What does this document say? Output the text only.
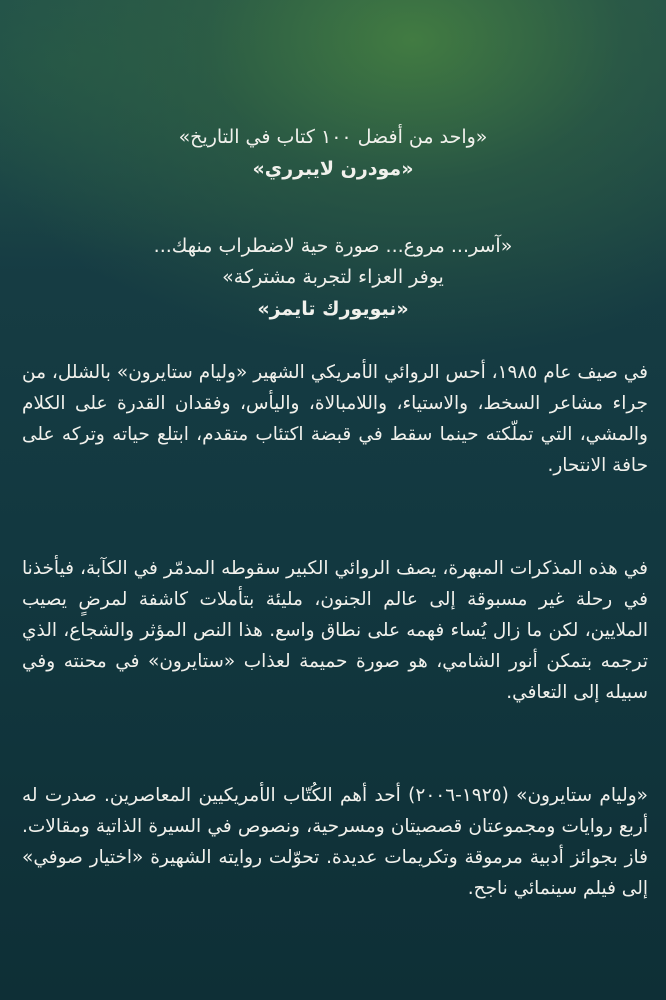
«واحد من أفضل ١٠٠ كتاب في التاريخ»

«مودرن لايبرري»

«آسر... مروع... صورة حية لاضطراب منهك...

يوفر العزاء لتجربة مشتركة»

«نيويورك تايمز»

في صيف عام ١٩٨٥، أحس الروائي الأمريكي الشهير «وليام ستايرون» بالشلل، من جراء مشاعر السخط، والاستياء، واللامبالاة، واليأس، وفقدان القدرة على الكلام والمشي، التي تملّكته حينما سقط في قبضة اكتئاب متقدم، ابتلع حياته وتركه على حافة الانتحار.

في هذه المذكرات المبهرة، يصف الروائي الكبير سقوطه المدمّر في الكآبة، فيأخذنا في رحلة غير مسبوقة إلى عالم الجنون، مليئة بتأملات كاشفة لمرضٍ يصيب الملايين، لكن ما زال يُساء فهمه على نطاق واسع. هذا النص المؤثر والشجاع، الذي ترجمه بتمكن أنور الشامي، هو صورة حميمة لعذاب «ستايرون» في محنته وفي سبيله إلى التعافي.

«وليام ستايرون» (١٩٢٥-٢٠٠٦) أحد أهم الكُتّاب الأمريكيين المعاصرين. صدرت له أربع روايات ومجموعتان قصصيتان ومسرحية، ونصوص في السيرة الذاتية ومقالات. فاز بجوائز أدبية مرموقة وتكريمات عديدة. تحوّلت روايته الشهيرة «اختيار صوفي» إلى فيلم سينمائي ناجح.
